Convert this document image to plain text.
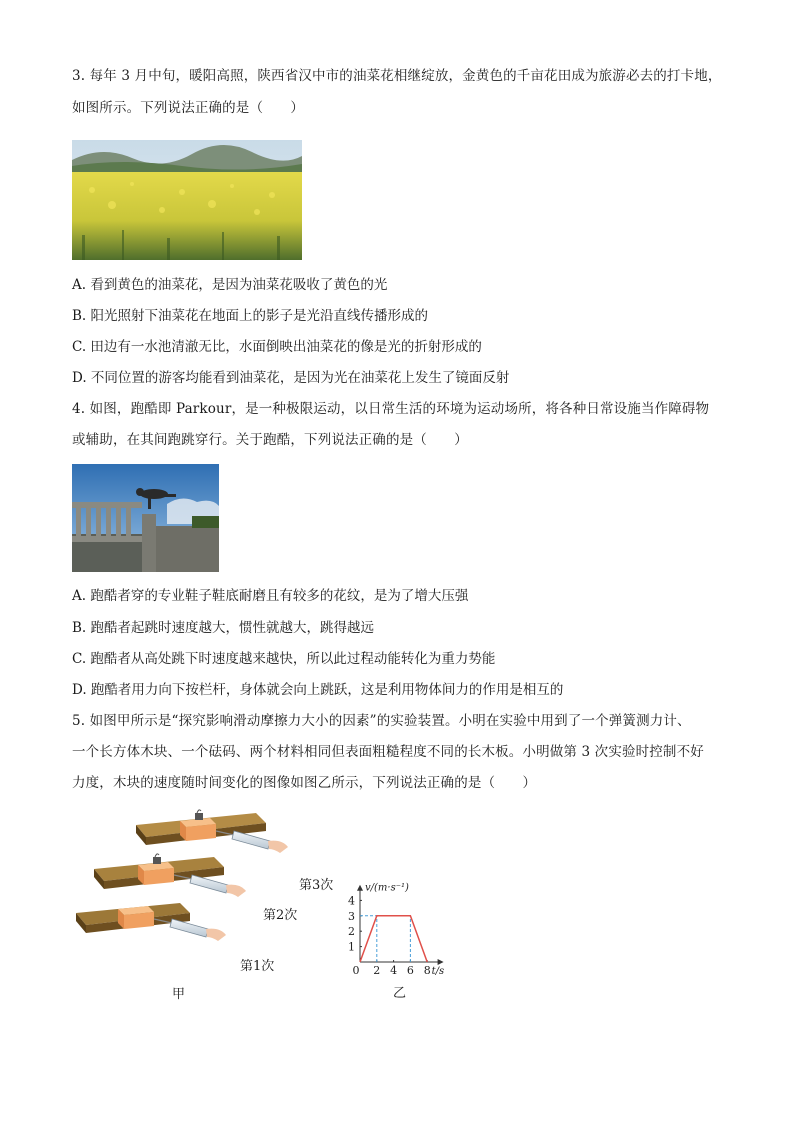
3. 每年 3 月中旬，暖阳高照，陕西省汉中市的油菜花相继绽放，金黄色的千亩花田成为旅游必去的打卡地，
如图所示。下列说法正确的是（　　）
A. 看到黄色的油菜花，是因为油菜花吸收了黄色的光
B. 阳光照射下油菜花在地面上的影子是光沿直线传播形成的
C. 田边有一水池清澈无比，水面倒映出油菜花的像是光的折射形成的
D. 不同位置的游客均能看到油菜花，是因为光在油菜花上发生了镜面反射
4. 如图，跑酷即 Parkour，是一种极限运动，以日常生活的环境为运动场所，将各种日常设施当作障碍物
或辅助，在其间跑跳穿行。关于跑酷，下列说法正确的是（　　）
A. 跑酷者穿的专业鞋子鞋底耐磨且有较多的花纹，是为了增大压强
B. 跑酷者起跳时速度越大，惯性就越大，跳得越远
C. 跑酷者从高处跳下时速度越来越快，所以此过程动能转化为重力势能
D. 跑酷者用力向下按栏杆，身体就会向上跳跃，这是利用物体间力的作用是相互的
5. 如图甲所示是“探究影响滑动摩擦力大小的因素”的实验装置。小明在实验中用到了一个弹簧测力计、
一个长方体木块、一个砝码、两个材料相同但表面粗糙程度不同的长木板。小明做第 3 次实验时控制不好
力度，木块的速度随时间变化的图像如图乙所示，下列说法正确的是（　　）
第3次
第2次
第1次
甲
2 4 6 8
1
2
3
4
0
v/(m·s⁻¹)
t/s
乙
